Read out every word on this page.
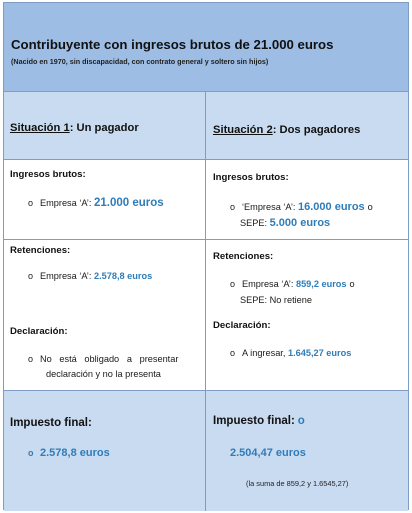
Contribuyente con ingresos brutos de 21.000 euros
(Nacido en 1970, sin discapacidad, con contrato general y soltero sin hijos)
Situación 1: Un pagador	Situación 2: Dos pagadores
Ingresos brutos:
o Empresa ‘A’: 21.000 euros
Ingresos brutos:
o ‘Empresa ‘A’: 16.000 euros o
SEPE: 5.000 euros
Retenciones:
o Empresa ‘A’: 2.578,8 euros
Declaración:
o No   está   obligado   a   presentar
declaración y no la presenta
Retenciones:
o Empresa ‘A’: 859,2 euros o
SEPE: No retiene
Declaración:
o A ingresar, 1.645,27 euros
Impuesto final:
o 2.578,8 euros
Impuesto final: o
2.504,47 euros
(la suma de 859,2 y 1.6545,27)
